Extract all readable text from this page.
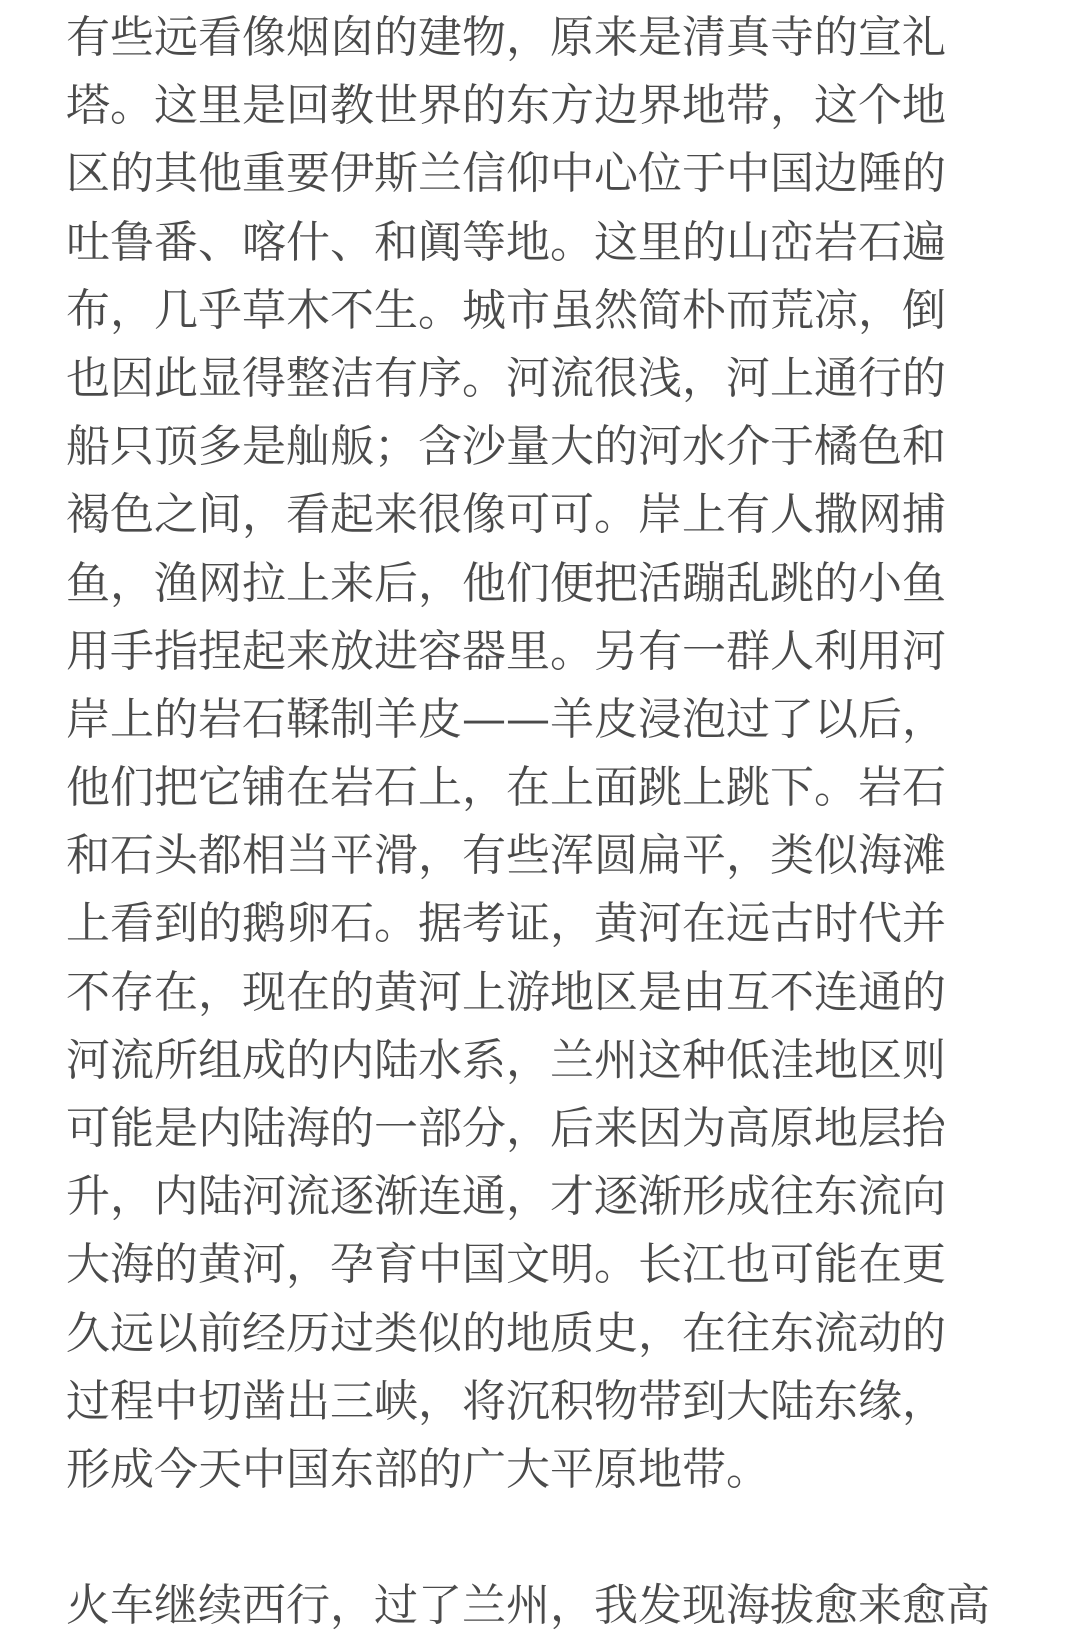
有些远看像烟囱的建物，原来是清真寺的宣礼
塔。这里是回教世界的东方边界地带，这个地
区的其他重要伊斯兰信仰中心位于中国边陲的
吐鲁番、喀什、和阗等地。这里的山峦岩石遍
布，几乎草木不生。城市虽然简朴而荒凉，倒
也因此显得整洁有序。河流很浅，河上通行的
船只顶多是舢舨；含沙量大的河水介于橘色和
褐色之间，看起来很像可可。岸上有人撒网捕
鱼，渔网拉上来后，他们便把活蹦乱跳的小鱼
用手指捏起来放进容器里。另有一群人利用河
岸上的岩石鞣制羊皮——羊皮浸泡过了以后，
他们把它铺在岩石上，在上面跳上跳下。岩石
和石头都相当平滑，有些浑圆扁平，类似海滩
上看到的鹅卵石。据考证，黄河在远古时代并
不存在，现在的黄河上游地区是由互不连通的
河流所组成的内陆水系，兰州这种低洼地区则
可能是内陆海的一部分，后来因为高原地层抬
升，内陆河流逐渐连通，才逐渐形成往东流向
大海的黄河，孕育中国文明。长江也可能在更
久远以前经历过类似的地质史，在往东流动的
过程中切凿出三峡，将沉积物带到大陆东缘，
形成今天中国东部的广大平原地带。
火车继续西行，过了兰州，我发现海拔愈来愈高
